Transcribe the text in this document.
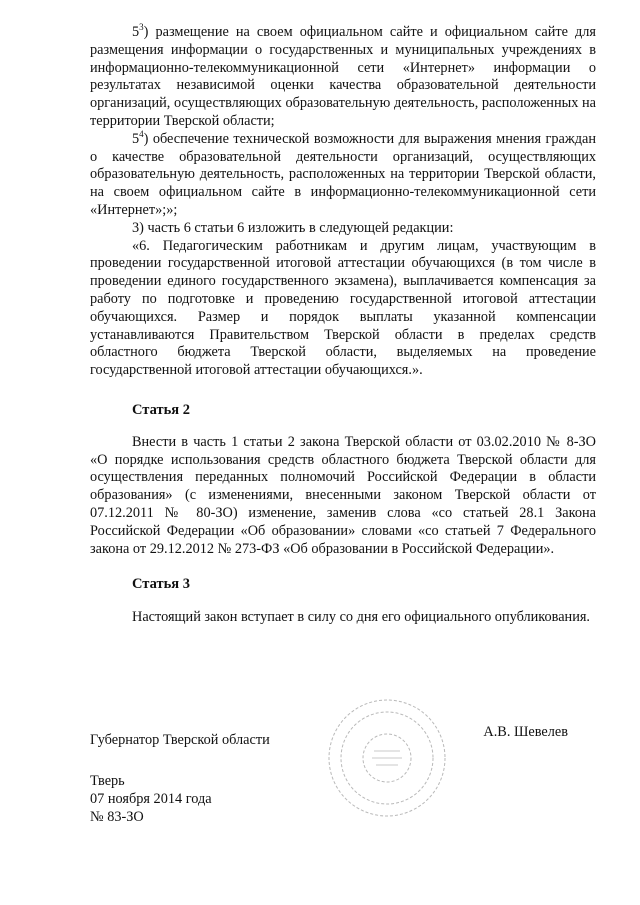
$5^3$) размещение на своем официальном сайте и официальном сайте для размещения информации о государственных и муниципальных учреждениях в информационно-телекоммуникационной сети «Интернет» информации о результатах независимой оценки качества образовательной деятельности организаций, осуществляющих образовательную деятельность, расположенных на территории Тверской области;

$5^4$) обеспечение технической возможности для выражения мнения граждан о качестве образовательной деятельности организаций, осуществляющих образовательную деятельность, расположенных на территории Тверской области, на своем официальном сайте в информационно-телекоммуникационной сети «Интернет»;»;

3) часть 6 статьи 6 изложить в следующей редакции:

«6. Педагогическим работникам и другим лицам, участвующим в проведении государственной итоговой аттестации обучающихся (в том числе в проведении единого государственного экзамена), выплачивается компенсация за работу по подготовке и проведению государственной итоговой аттестации обучающихся. Размер и порядок выплаты указанной компенсации устанавливаются Правительством Тверской области в пределах средств областного бюджета Тверской области, выделяемых на проведение государственной итоговой аттестации обучающихся.».

Статья 2

Внести в часть 1 статьи 2 закона Тверской области от 03.02.2010 № 8-ЗО «О порядке использования средств областного бюджета Тверской области для осуществления переданных полномочий Российской Федерации в области образования» (с изменениями, внесенными законом Тверской области от 07.12.2011 № 80-ЗО) изменение, заменив слова «со статьей 28.1 Закона Российской Федерации «Об образовании» словами «со статьей 7 Федерального закона от 29.12.2012 № 273-ФЗ «Об образовании в Российской Федерации».

Статья 3

Настоящий закон вступает в силу со дня его официального опубликования.

Губернатор Тверской области	А.В. Шевелев
Тверь
07 ноября 2014 года
№ 83-ЗО
